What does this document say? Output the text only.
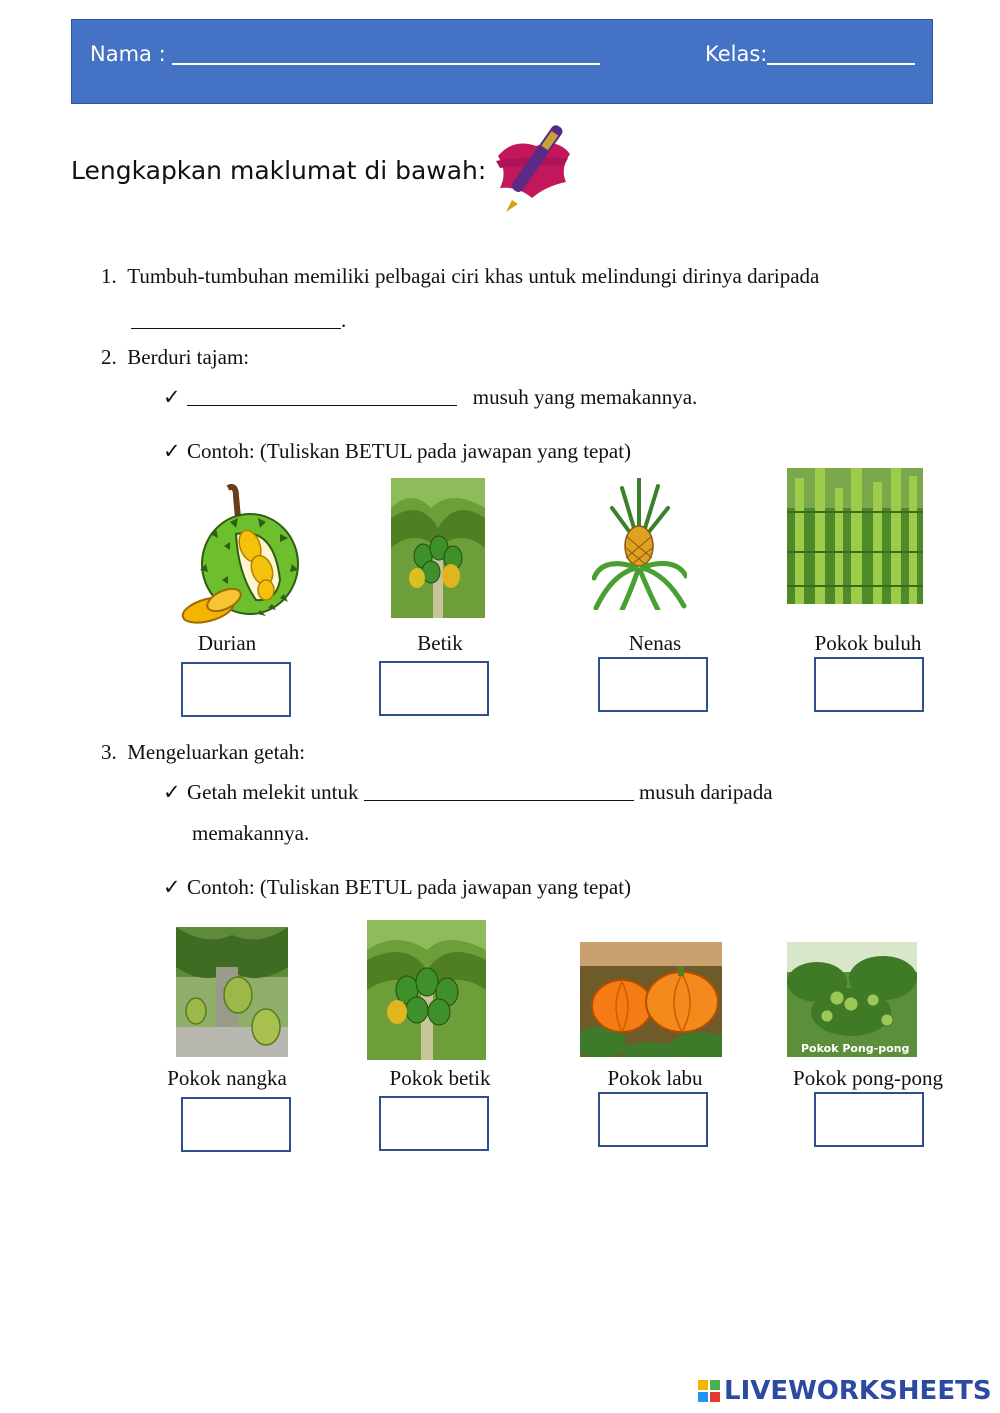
Nama :	Kelas:
Lengkapkan maklumat di bawah:
1. Tumbuh-tumbuhan memiliki pelbagai ciri khas untuk melindungi dirinya daripada
.
2. Berduri tajam:
✓	musuh yang memakannya.
✓ Contoh: (Tuliskan BETUL pada jawapan yang tepat)
Durian	Betik	Nenas	Pokok buluh
3. Mengeluarkan getah:
✓ Getah melekit untuk	musuh daripada
memakannya.
✓ Contoh: (Tuliskan BETUL pada jawapan yang tepat)
Pokok Pong-pong
Pokok nangka	Pokok betik	Pokok labu	Pokok pong-pong
LIVEWORKSHEETS
